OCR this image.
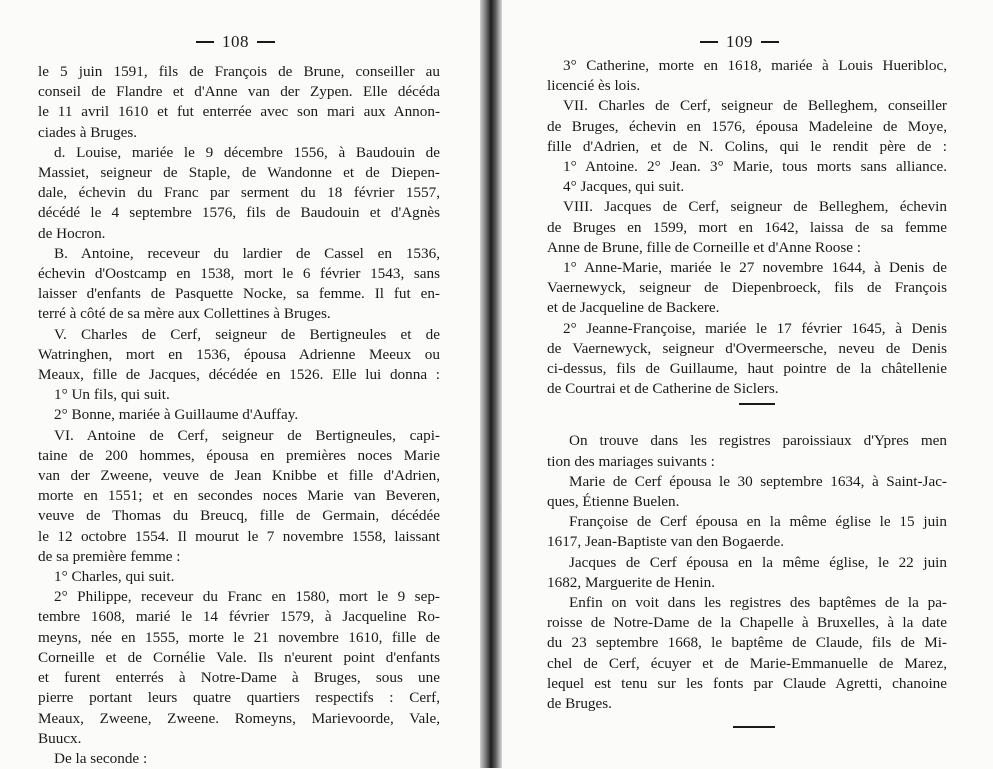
108
le 5 juin 1591, fils de François de Brune, conseiller au
conseil de Flandre et d'Anne van der Zypen. Elle décéda
le 11 avril 1610 et fut enterrée avec son mari aux Annon-
ciades à Bruges.
d. Louise, mariée le 9 décembre 1556, à Baudouin de
Massiet, seigneur de Staple, de Wandonne et de Diepen-
dale, échevin du Franc par serment du 18 février 1557,
décédé le 4 septembre 1576, fils de Baudouin et d'Agnès
de Hocron.
B. Antoine, receveur du lardier de Cassel en 1536,
échevin d'Oostcamp en 1538, mort le 6 février 1543, sans
laisser d'enfants de Pasquette Nocke, sa femme. Il fut en-
terré à côté de sa mère aux Collettines à Bruges.
V. Charles de Cerf, seigneur de Bertigneules et de
Watringhen, mort en 1536, épousa Adrienne Meeux ou
Meaux, fille de Jacques, décédée en 1526. Elle lui donna :
1° Un fils, qui suit.
2° Bonne, mariée à Guillaume d'Auffay.
VI. Antoine de Cerf, seigneur de Bertigneules, capi-
taine de 200 hommes, épousa en premières noces Marie
van der Zweene, veuve de Jean Knibbe et fille d'Adrien,
morte en 1551; et en secondes noces Marie van Beveren,
veuve de Thomas du Breucq, fille de Germain, décédée
le 12 octobre 1554. Il mourut le 7 novembre 1558, laissant
de sa première femme :
1° Charles, qui suit.
2° Philippe, receveur du Franc en 1580, mort le 9 sep-
tembre 1608, marié le 14 février 1579, à Jacqueline Ro-
meyns, née en 1555, morte le 21 novembre 1610, fille de
Corneille et de Cornélie Vale. Ils n'eurent point d'enfants
et furent enterrés à Notre-Dame à Bruges, sous une
pierre portant leurs quatre quartiers respectifs : Cerf,
Meaux, Zweene, Zweene. Romeyns, Marievoorde, Vale,
Buucx.
De la seconde :
109
3° Catherine, morte en 1618, mariée à Louis Hueribloc,
licencié ès lois.
VII. Charles de Cerf, seigneur de Belleghem, conseiller
de Bruges, échevin en 1576, épousa Madeleine de Moye,
fille d'Adrien, et de N. Colins, qui le rendit père de :
1° Antoine. 2° Jean. 3° Marie, tous morts sans alliance.
4° Jacques, qui suit.
VIII. Jacques de Cerf, seigneur de Belleghem, échevin
de Bruges en 1599, mort en 1642, laissa de sa femme
Anne de Brune, fille de Corneille et d'Anne Roose :
1° Anne-Marie, mariée le 27 novembre 1644, à Denis de
Vaernewyck, seigneur de Diepenbroeck, fils de François
et de Jacqueline de Backere.
2° Jeanne-Françoise, mariée le 17 février 1645, à Denis
de Vaernewyck, seigneur d'Overmeersche, neveu de Denis
ci-dessus, fils de Guillaume, haut pointre de la châtellenie
de Courtrai et de Catherine de Siclers.
On trouve dans les registres paroissiaux d'Ypres men
tion des mariages suivants :
Marie de Cerf épousa le 30 septembre 1634, à Saint-Jac-
ques, Étienne Buelen.
Françoise de Cerf épousa en la même église le 15 juin
1617, Jean-Baptiste van den Bogaerde.
Jacques de Cerf épousa en la même église, le 22 juin
1682, Marguerite de Henin.
Enfin on voit dans les registres des baptêmes de la pa-
roisse de Notre-Dame de la Chapelle à Bruxelles, à la date
du 23 septembre 1668, le baptême de Claude, fils de Mi-
chel de Cerf, écuyer et de Marie-Emmanuelle de Marez,
lequel est tenu sur les fonts par Claude Agretti, chanoine
de Bruges.
